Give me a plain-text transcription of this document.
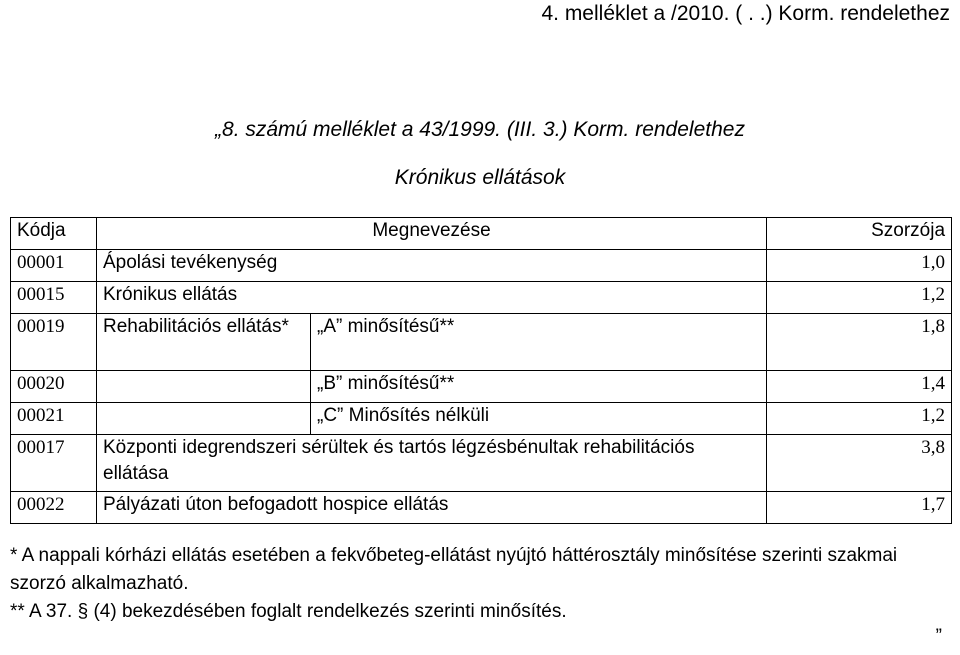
4. melléklet a /2010. ( . .) Korm. rendelethez
„8. számú melléklet a 43/1999. (III. 3.) Korm. rendelethez
Krónikus ellátások
Kódja	Megnevezése		Szorzója
00001	Ápolási tevékenység		1,0
00015	Krónikus ellátás		1,2
00019	Rehabilitációs ellátás*	„A” minősítésű**	1,8
00020		„B” minősítésű**	1,4
00021		„C” Minősítés nélküli	1,2
00017	Központi idegrendszeri sérültek és tartós légzésbénultak rehabilitációs ellátása		3,8
00022	Pályázati úton befogadott hospice ellátás		1,7

* A nappali kórházi ellátás esetében a fekvőbeteg-ellátást nyújtó háttérosztály minősítése szerinti szakmai szorzó alkalmazható.

** A 37. § (4) bekezdésében foglalt rendelkezés szerinti minősítés.

”
